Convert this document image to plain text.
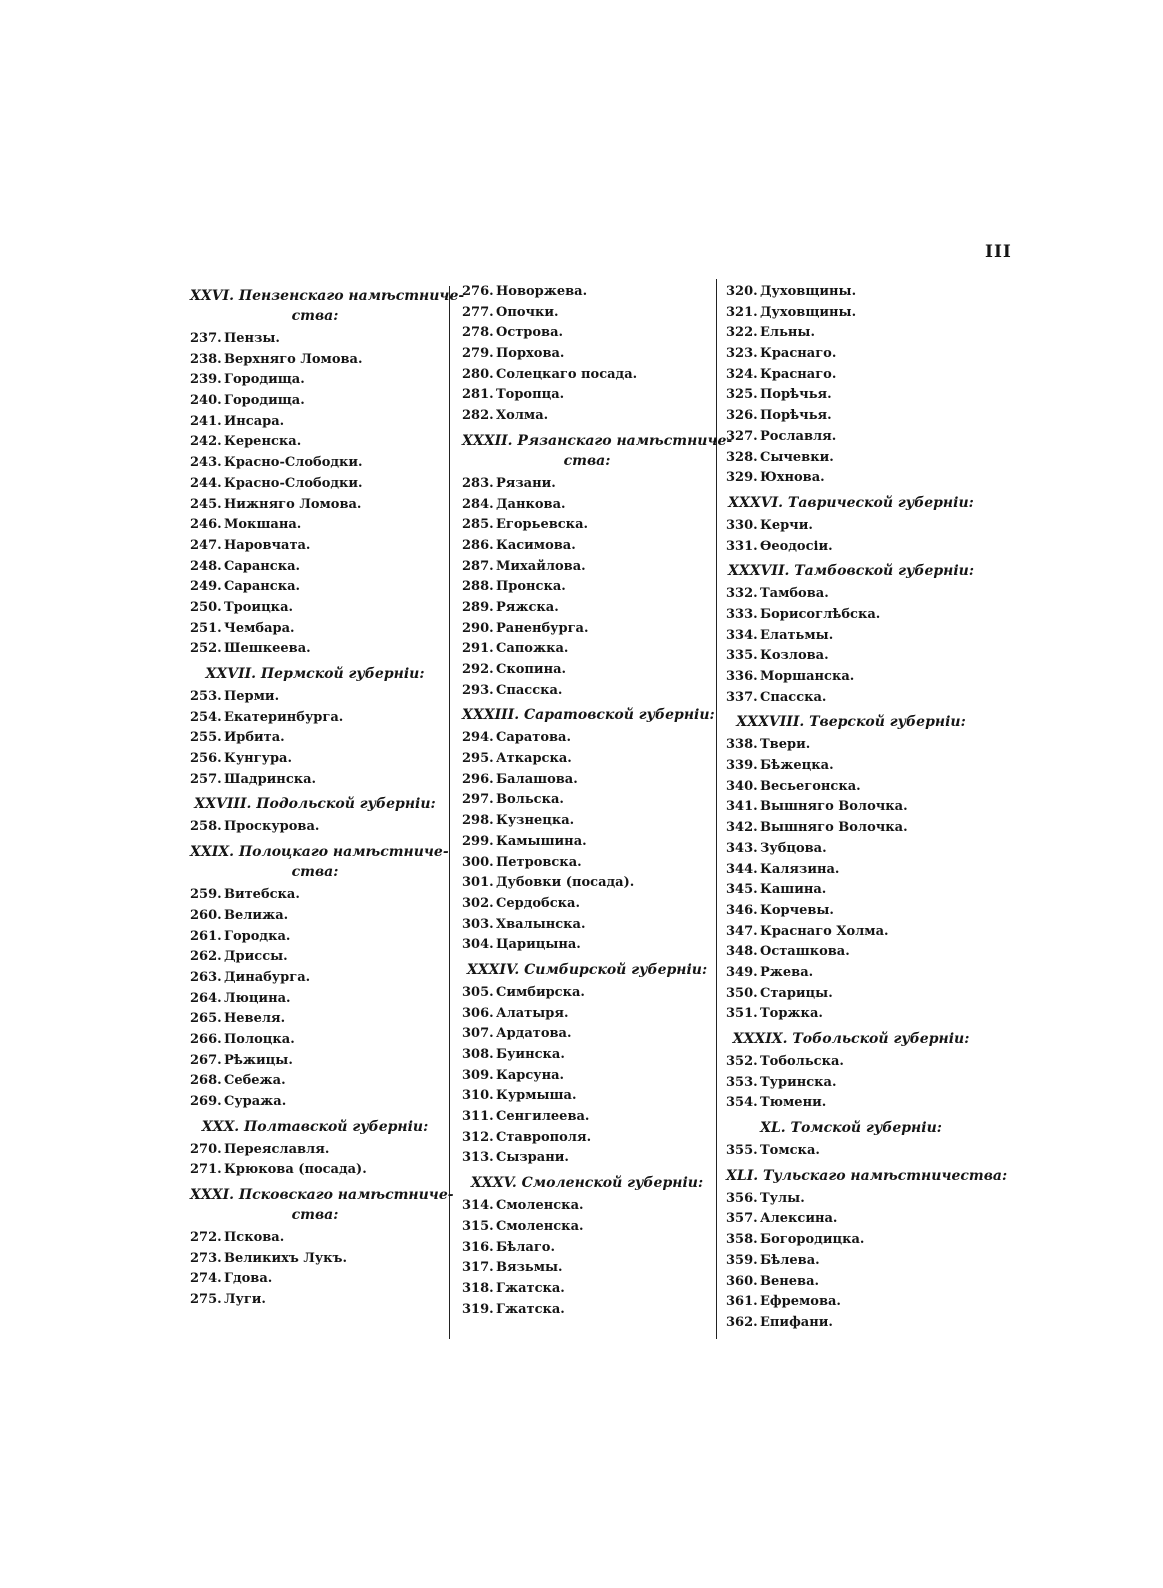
III
XXVI. Пензенскаго намѣстниче-
ства:
237. Пензы.
238. Верхняго Ломова.
239. Городища.
240. Городища.
241. Инсара.
242. Керенска.
243. Красно-Слободки.
244. Красно-Слободки.
245. Нижняго Ломова.
246. Мокшана.
247. Наровчата.
248. Саранска.
249. Саранска.
250. Троицка.
251. Чембара.
252. Шешкеева.
XXVII. Пермской губерніи:
253. Перми.
254. Екатеринбурга.
255. Ирбита.
256. Кунгура.
257. Шадринска.
XXVIII. Подольской губерніи:
258. Проскурова.
XXIX. Полоцкаго намѣстниче-
ства:
259. Витебска.
260. Велижа.
261. Городка.
262. Дриссы.
263. Динабурга.
264. Люцина.
265. Невеля.
266. Полоцка.
267. Рѣжицы.
268. Себежа.
269. Суража.
XXX. Полтавской губерніи:
270. Переяславля.
271. Крюкова (посада).
XXXI. Псковскаго намѣстниче-
ства:
272. Пскова.
273. Великихъ Лукъ.
274. Гдова.
275. Луги.
276. Новоржева.
277. Опочки.
278. Острова.
279. Порхова.
280. Солецкаго посада.
281. Торопца.
282. Холма.
XXXII. Рязанскаго намѣстниче-
ства:
283. Рязани.
284. Данкова.
285. Егорьевска.
286. Касимова.
287. Михайлова.
288. Пронска.
289. Ряжска.
290. Раненбурга.
291. Сапожка.
292. Скопина.
293. Спасска.
XXXIII. Саратовской губерніи:
294. Саратова.
295. Аткарска.
296. Балашова.
297. Вольска.
298. Кузнецка.
299. Камышина.
300. Петровска.
301. Дубовки (посада).
302. Сердобска.
303. Хвалынска.
304. Царицына.
XXXIV. Симбирской губерніи:
305. Симбирска.
306. Алатыря.
307. Ардатова.
308. Буинска.
309. Карсуна.
310. Курмыша.
311. Сенгилеева.
312. Ставрополя.
313. Сызрани.
XXXV. Смоленской губерніи:
314. Смоленска.
315. Смоленска.
316. Бѣлаго.
317. Вязьмы.
318. Гжатска.
319. Гжатска.
320. Духовщины.
321. Духовщины.
322. Ельны.
323. Краснаго.
324. Краснаго.
325. Порѣчья.
326. Порѣчья.
327. Рославля.
328. Сычевки.
329. Юхнова.
XXXVI. Таврической губерніи:
330. Керчи.
331. Ѳеодосіи.
XXXVII. Тамбовской губерніи:
332. Тамбова.
333. Борисоглѣбска.
334. Елатьмы.
335. Козлова.
336. Моршанска.
337. Спасска.
XXXVIII. Тверской губерніи:
338. Твери.
339. Бѣжецка.
340. Весьегонска.
341. Вышняго Волочка.
342. Вышняго Волочка.
343. Зубцова.
344. Калязина.
345. Кашина.
346. Корчевы.
347. Краснаго Холма.
348. Осташкова.
349. Ржева.
350. Старицы.
351. Торжка.
XXXIX. Тобольской губерніи:
352. Тобольска.
353. Туринска.
354. Тюмени.
XL. Томской губерніи:
355. Томска.
XLI. Тульскаго намѣстничества:
356. Тулы.
357. Алексина.
358. Богородицка.
359. Бѣлева.
360. Венева.
361. Ефремова.
362. Епифани.
